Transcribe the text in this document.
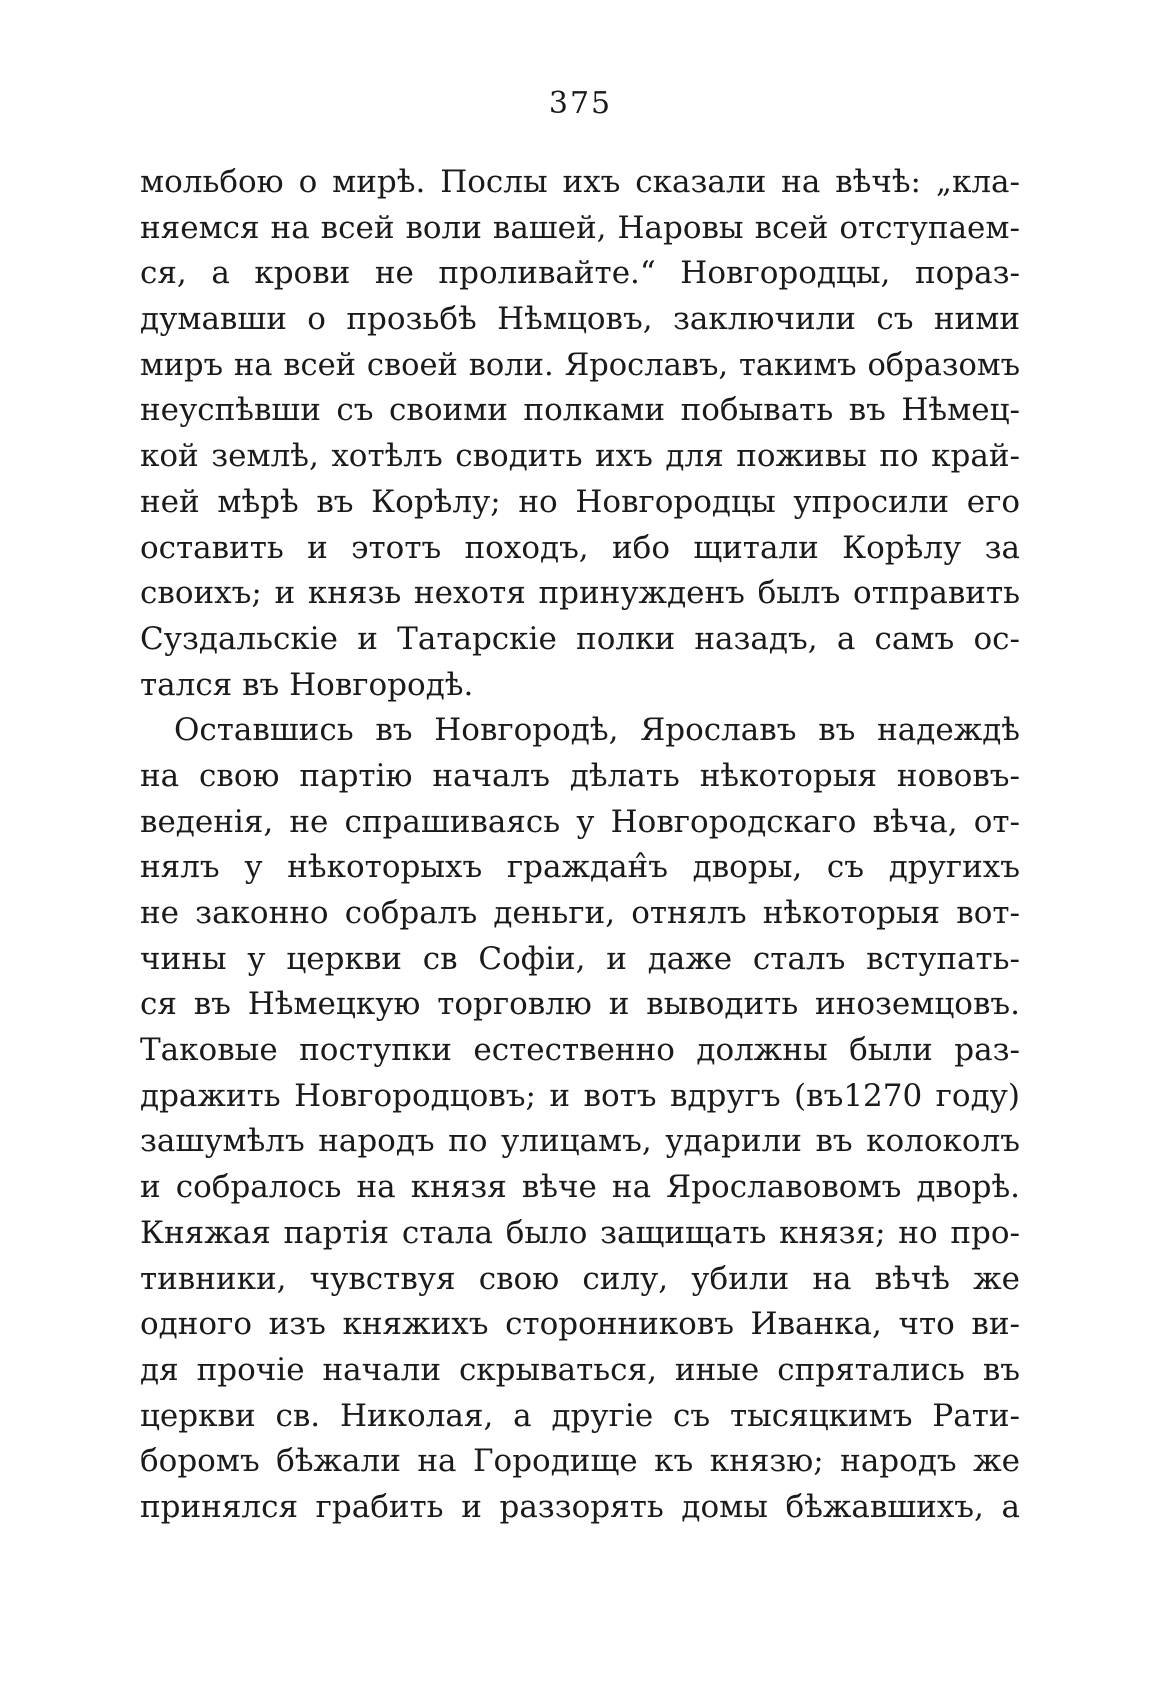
375
мольбою о мирѣ. Послы ихъ сказали на вѣчѣ: „кла-
няемся на всей воли вашей, Наровы всей отступаем-
ся, а крови не проливайте.“ Новгородцы, пораз-
думавши о прозьбѣ Нѣмцовъ, заключили съ ними
миръ на всей своей воли. Ярославъ, такимъ образомъ
неуспѣвши съ своими полками побывать въ Нѣмец-
кой землѣ, хотѣлъ сводить ихъ для поживы по край-
ней мѣрѣ въ Корѣлу; но Новгородцы упросили его
оставить и этотъ походъ, ибо щитали Корѣлу за
своихъ; и князь нехотя принужденъ былъ отправить
Суздальскіе и Татарскіе полки назадъ, а самъ ос-
тался въ Новгородѣ.
Оставшись въ Новгородѣ, Ярославъ въ надеждѣ
на свою партію началъ дѣлать нѣкоторыя нововъ-
веденія, не спрашиваясь у Новгородскаго вѣча, от-
нялъ у нѣкоторыхъ граждан̂ъ дворы, съ другихъ
не законно собралъ деньги, отнялъ нѣкоторыя вот-
чины у церкви св Софіи, и даже сталъ вступать-
ся въ Нѣмецкую торговлю и выводить иноземцовъ.
Таковые поступки естественно должны были раз-
дражить Новгородцовъ; и вотъ вдругъ (въ1270 году)
зашумѣлъ народъ по улицамъ, ударили въ колоколъ
и собралось на князя вѣче на Ярославовомъ дворѣ.
Княжая партія стала было защищать князя; но про-
тивники, чувствуя свою силу, убили на вѣчѣ же
одного изъ княжихъ сторонниковъ Иванка, что ви-
дя прочіе начали скрываться, иные спрятались въ
церкви св. Николая, а другіе съ тысяцкимъ Рати-
боромъ бѣжали на Городище къ князю; народъ же
принялся грабить и раззорять домы бѣжавшихъ, а
